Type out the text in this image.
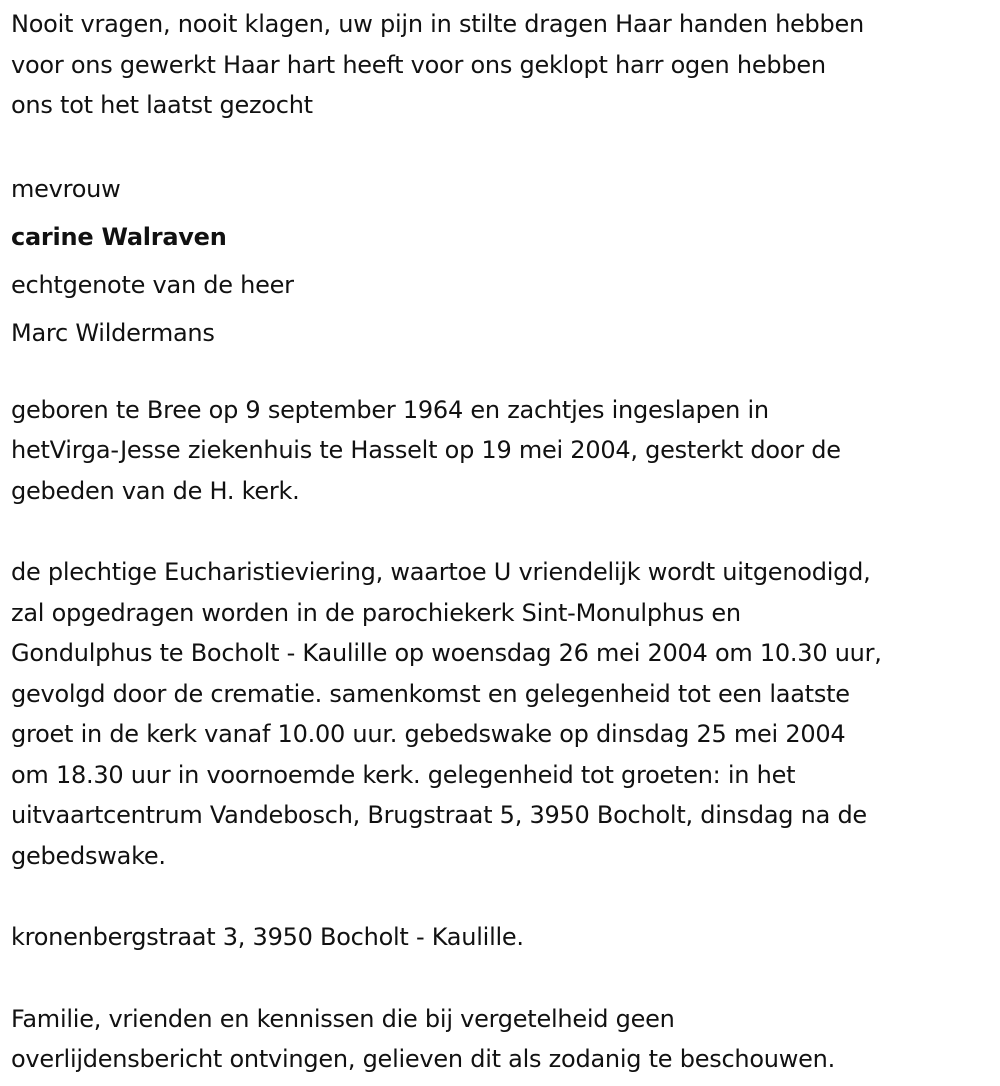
Nooit vragen, nooit klagen, uw pijn in stilte dragen Haar handen hebben
voor ons gewerkt Haar hart heeft voor ons geklopt harr ogen hebben
ons tot het laatst gezocht

mevrouw

carine Walraven

echtgenote van de heer

Marc Wildermans

geboren te Bree op 9 september 1964 en zachtjes ingeslapen in
hetVirga-Jesse ziekenhuis te Hasselt op 19 mei 2004, gesterkt door de
gebeden van de H. kerk.

de plechtige Eucharistieviering, waartoe U vriendelijk wordt uitgenodigd,
zal opgedragen worden in de parochiekerk Sint-Monulphus en
Gondulphus te Bocholt - Kaulille op woensdag 26 mei 2004 om 10.30 uur,
gevolgd door de crematie. samenkomst en gelegenheid tot een laatste
groet in de kerk vanaf 10.00 uur. gebedswake op dinsdag 25 mei 2004
om 18.30 uur in voornoemde kerk. gelegenheid tot groeten: in het
uitvaartcentrum Vandebosch, Brugstraat 5, 3950 Bocholt, dinsdag na de
gebedswake.

kronenbergstraat 3, 3950 Bocholt - Kaulille.

Familie, vrienden en kennissen die bij vergetelheid geen
overlijdensbericht ontvingen, gelieven dit als zodanig te beschouwen.
